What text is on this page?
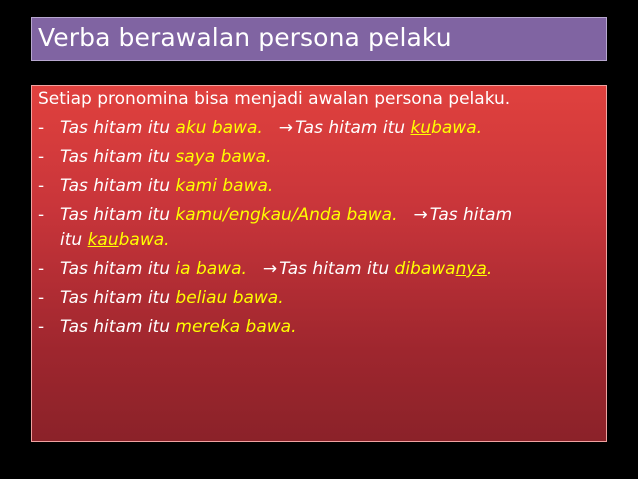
Verba berawalan persona pelaku
Setiap pronomina bisa menjadi awalan persona pelaku.
- Tas hitam itu aku bawa. → Tas hitam itu kubawa.
- Tas hitam itu saya bawa.
- Tas hitam itu kami bawa.
- Tas hitam itu kamu/engkau/Anda bawa. → Tas hitam
itu kaubawa.
- Tas hitam itu ia bawa. → Tas hitam itu dibawanya.
- Tas hitam itu beliau bawa.
- Tas hitam itu mereka bawa.
